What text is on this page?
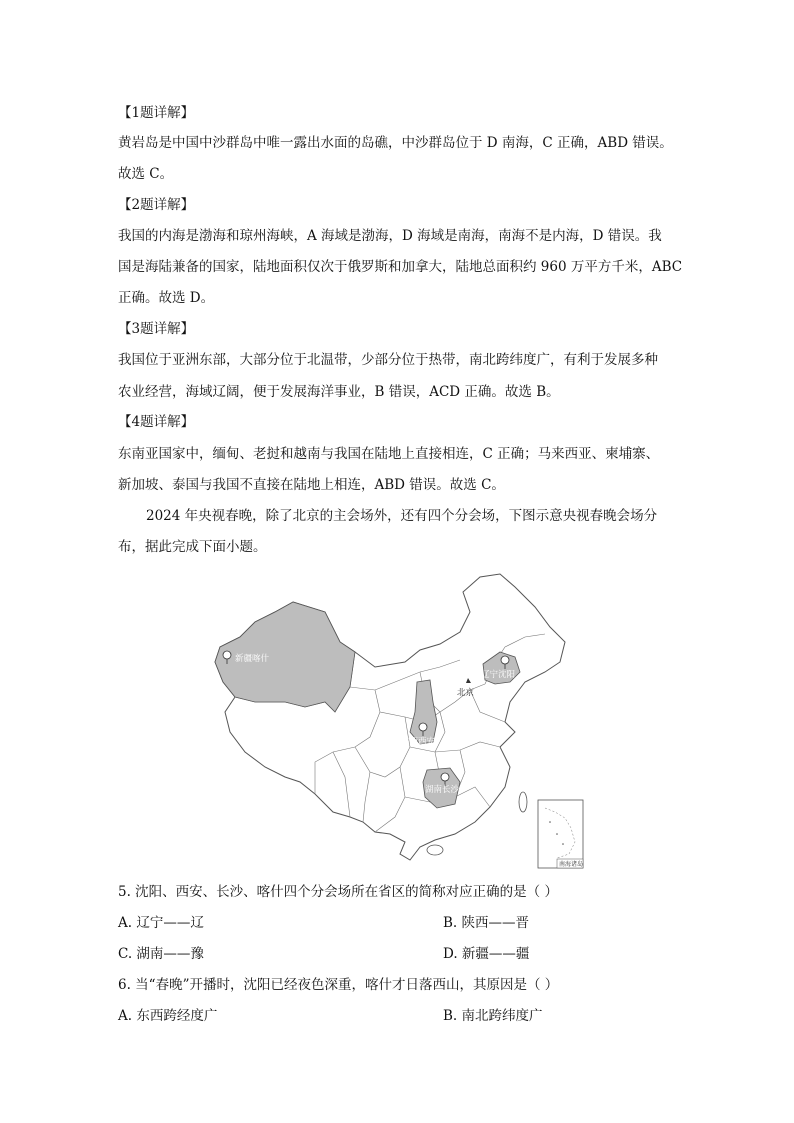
【1题详解】
黄岩岛是中国中沙群岛中唯一露出水面的岛礁，中沙群岛位于 D 南海，C 正确，ABD 错误。
故选 C。
【2题详解】
我国的内海是渤海和琼州海峡，A 海域是渤海，D 海域是南海，南海不是内海，D 错误。我
国是海陆兼备的国家，陆地面积仅次于俄罗斯和加拿大，陆地总面积约 960 万平方千米，ABC
正确。故选 D。
【3题详解】
我国位于亚洲东部，大部分位于北温带，少部分位于热带，南北跨纬度广，有利于发展多种
农业经营，海域辽阔，便于发展海洋事业，B 错误，ACD 正确。故选 B。
【4题详解】
东南亚国家中，缅甸、老挝和越南与我国在陆地上直接相连，C 正确；马来西亚、柬埔寨、
新加坡、泰国与我国不直接在陆地上相连，ABD 错误。故选 C。
2024 年央视春晚，除了北京的主会场外，还有四个分会场，下图示意央视春晚会场分
布，据此完成下面小题。
新疆喀什
辽宁沈阳
北京
陕西西安
湖南长沙
南海诸岛
5. 沈阳、西安、长沙、喀什四个分会场所在省区的简称对应正确的是（ ）
A. 辽宁——辽	B. 陕西——晋
C. 湖南——豫	D. 新疆——疆
6. 当“春晚”开播时，沈阳已经夜色深重，喀什才日落西山，其原因是（ ）
A. 东西跨经度广	B. 南北跨纬度广
